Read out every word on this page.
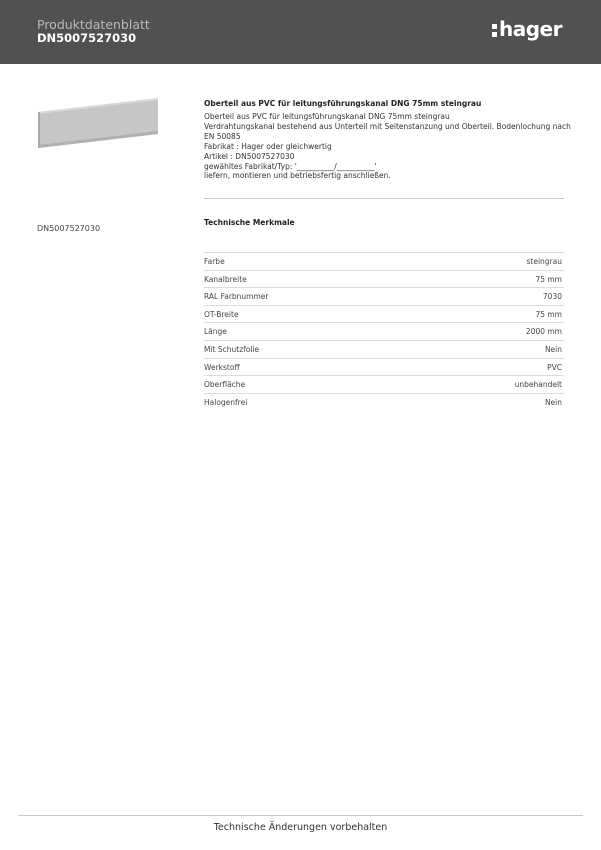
Produktdatenblatt
DN5007527030	hager
DN5007527030
Oberteil aus PVC für leitungsführungskanal DNG 75mm steingrau
Oberteil aus PVC für leitungsführungskanal DNG 75mm steingrau
Verdrahtungskanal bestehend aus Unterteil mit Seitenstanzung und Oberteil. Bodenlochung nach
EN 50085
Fabrikat : Hager oder gleichwertig
Artikel : DN5007527030
gewähltes Fabrikat/Typ: '__________/__________'
liefern, montieren und betriebsfertig anschließen.
Technische Merkmale
Farbe	steingrau
Kanalbreite	75 mm
RAL Farbnummer	7030
OT-Breite	75 mm
Länge	2000 mm
Mit Schutzfolie	Nein
Werkstoff	PVC
Oberfläche	unbehandelt
Halogenfrei	Nein
Technische Änderungen vorbehalten
